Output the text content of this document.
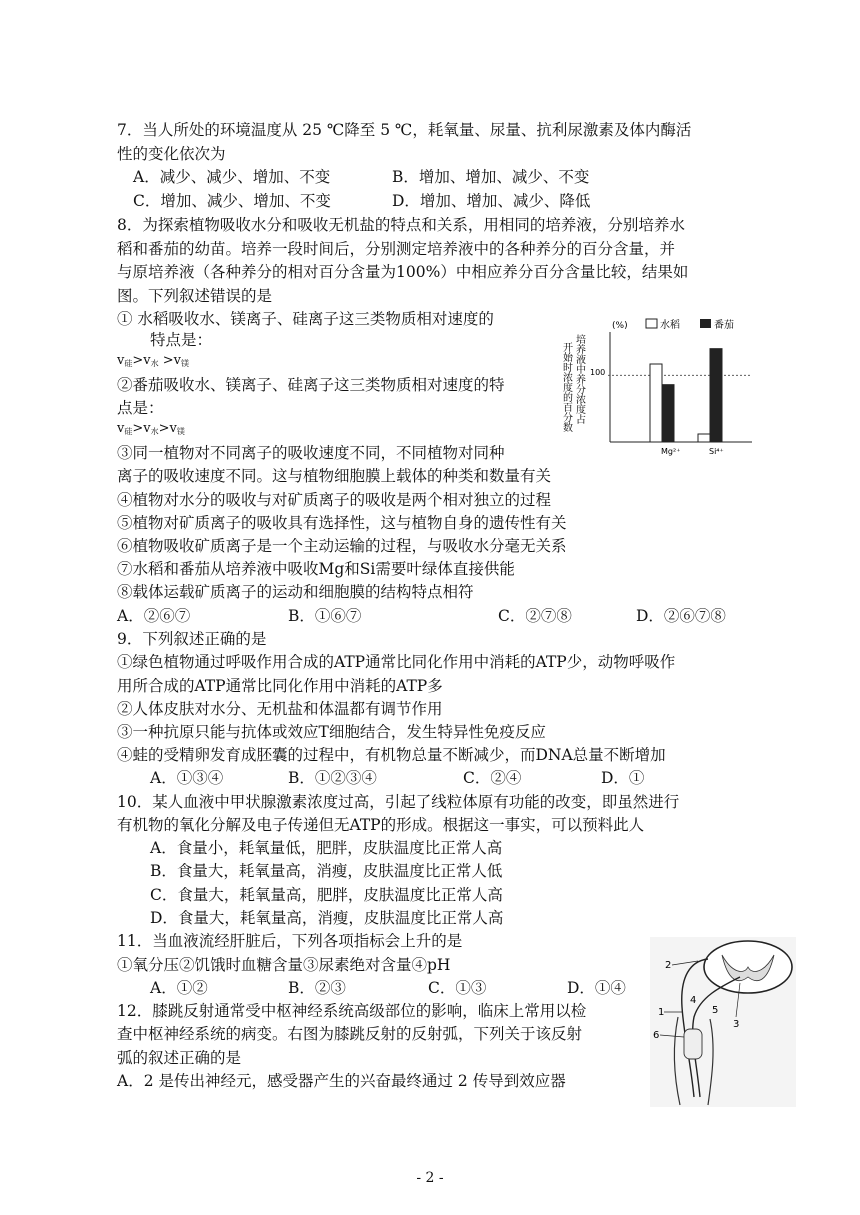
7．当人所处的环境温度从 25 ℃降至 5 ℃，耗氧量、尿量、抗利尿激素及体内酶活
性的变化依次为
A．减少、减少、增加、不变	B．增加、增加、减少、不变
C．增加、减少、增加、不变	D．增加、增加、减少、降低
8．为探索植物吸收水分和吸收无机盐的特点和关系，用相同的培养液，分别培养水
稻和番茄的幼苗。培养一段时间后，分别测定培养液中的各种养分的百分含量，并
与原培养液（各种养分的相对百分含量为100%）中相应养分百分含量比较，结果如
图。下列叙述错误的是
① 水稻吸收水、镁离子、硅离子这三类物质相对速度的
特点是：
$v_硅>v_水 >v_镁$
②番茄吸收水、镁离子、硅离子这三类物质相对速度的特
点是：
$v_硅>v_水>v_镁$
③同一植物对不同离子的吸收速度不同，不同植物对同种
离子的吸收速度不同。这与植物细胞膜上载体的种类和数量有关
④植物对水分的吸收与对矿质离子的吸收是两个相对独立的过程
⑤植物对矿质离子的吸收具有选择性，这与植物自身的遗传性有关
⑥植物吸收矿质离子是一个主动运输的过程，与吸收水分毫无关系
⑦水稻和番茄从培养液中吸收Mg和Si需要叶绿体直接供能
⑧载体运载矿质离子的运动和细胞膜的结构特点相符
A．②⑥⑦	B．①⑥⑦	C．②⑦⑧	D．②⑥⑦⑧
(%)	水稻	番茄
开始时浓度的百分数 培养液中养分浓度占 100
Mg²⁺	Si⁴⁺
9．下列叙述正确的是
①绿色植物通过呼吸作用合成的ATP通常比同化作用中消耗的ATP少，动物呼吸作
用所合成的ATP通常比同化作用中消耗的ATP多
②人体皮肤对水分、无机盐和体温都有调节作用
③一种抗原只能与抗体或效应T细胞结合，发生特异性免疫反应
④蛙的受精卵发育成胚囊的过程中，有机物总量不断减少，而DNA总量不断增加
A．①③④	B．①②③④	C．②④	D．①
10．某人血液中甲状腺激素浓度过高，引起了线粒体原有功能的改变，即虽然进行
有机物的氧化分解及电子传递但无ATP的形成。根据这一事实，可以预料此人
A．食量小，耗氧量低，肥胖，皮肤温度比正常人高
B．食量大，耗氧量高，消瘦，皮肤温度比正常人低
C．食量大，耗氧量高，肥胖，皮肤温度比正常人高
D．食量大，耗氧量高，消瘦，皮肤温度比正常人高
11．当血液流经肝脏后，下列各项指标会上升的是
①氧分压②饥饿时血糖含量③尿素绝对含量④pH
A．①②	B．②③	C．①③	D．①④
12．膝跳反射通常受中枢神经系统高级部位的影响，临床上常用以检
查中枢神经系统的病变。右图为膝跳反射的反射弧，下列关于该反射
弧的叙述正确的是
A．2 是传出神经元，感受器产生的兴奋最终通过 2 传导到效应器
2
4
5
3
1
6
- 2 -
